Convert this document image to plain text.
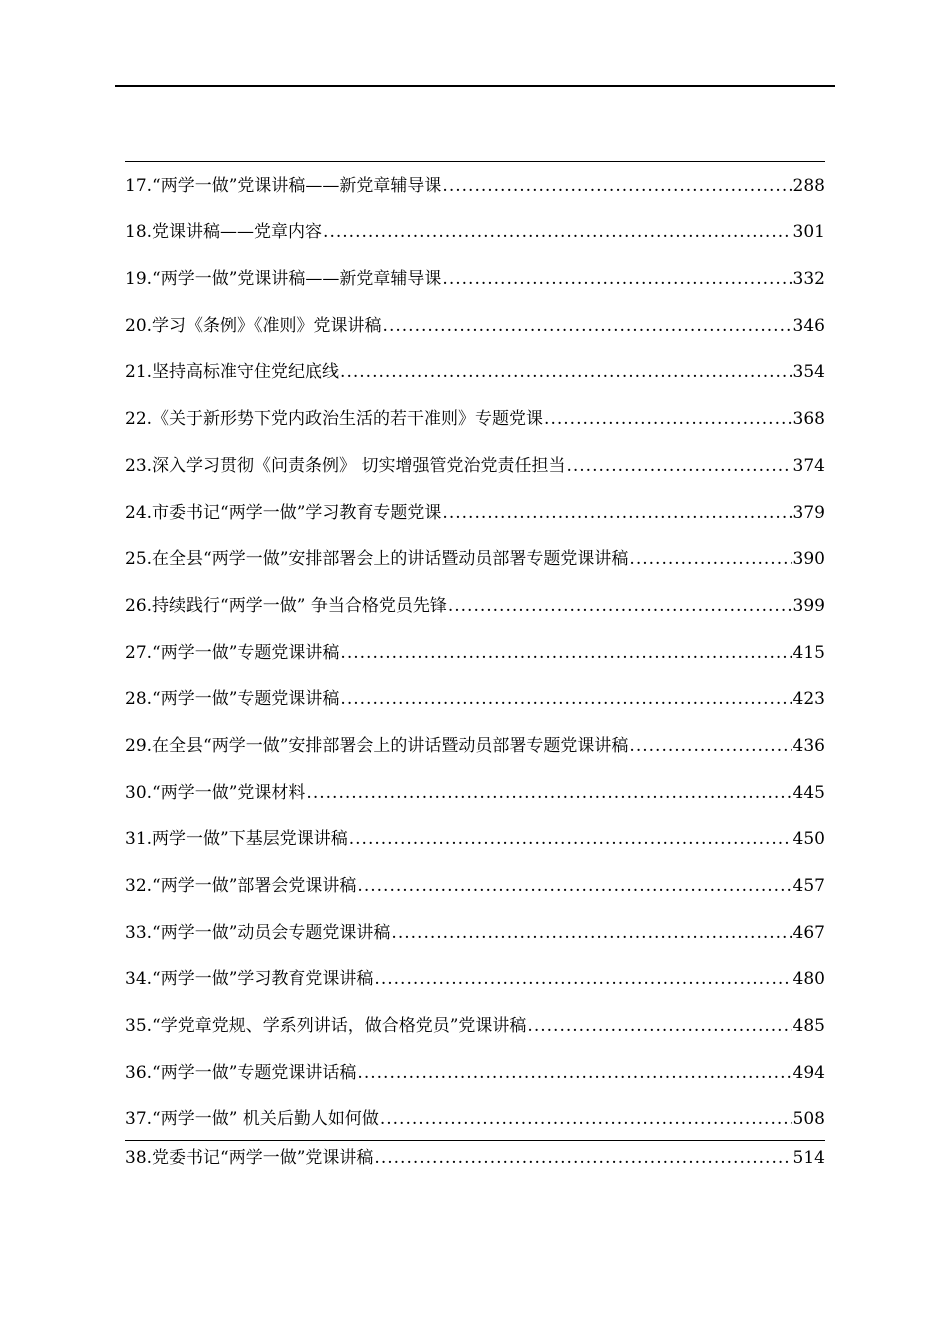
17.“两学一做”党课讲稿——新党章辅导课 .....	288
18.党课讲稿——党章内容 .....	301
19.“两学一做”党课讲稿——新党章辅导课 .....	332
20.学习《条例》《准则》党课讲稿 .....	346
21.坚持高标准守住党纪底线 .....	354
22.《关于新形势下党内政治生活的若干准则》专题党课 .....	368
23.深入学习贯彻《问责条例》 切实增强管党治党责任担当 .....	374
24.市委书记“两学一做”学习教育专题党课 .....	379
25.在全县“两学一做”安排部署会上的讲话暨动员部署专题党课讲稿 .....	390
26.持续践行“两学一做” 争当合格党员先锋 .....	399
27.“两学一做”专题党课讲稿 .....	415
28.“两学一做”专题党课讲稿 .....	423
29.在全县“两学一做”安排部署会上的讲话暨动员部署专题党课讲稿 .....	436
30.“两学一做”党课材料 .....	445
31.两学一做”下基层党课讲稿 .....	450
32.“两学一做”部署会党课讲稿 .....	457
33.“两学一做”动员会专题党课讲稿 .....	467
34.“两学一做”学习教育党课讲稿 .....	480
35.“学党章党规、学系列讲话，做合格党员”党课讲稿 .....	485
36.“两学一做”专题党课讲话稿 .....	494
37.“两学一做” 机关后勤人如何做 .....	508
38.党委书记“两学一做”党课讲稿 .....	514
